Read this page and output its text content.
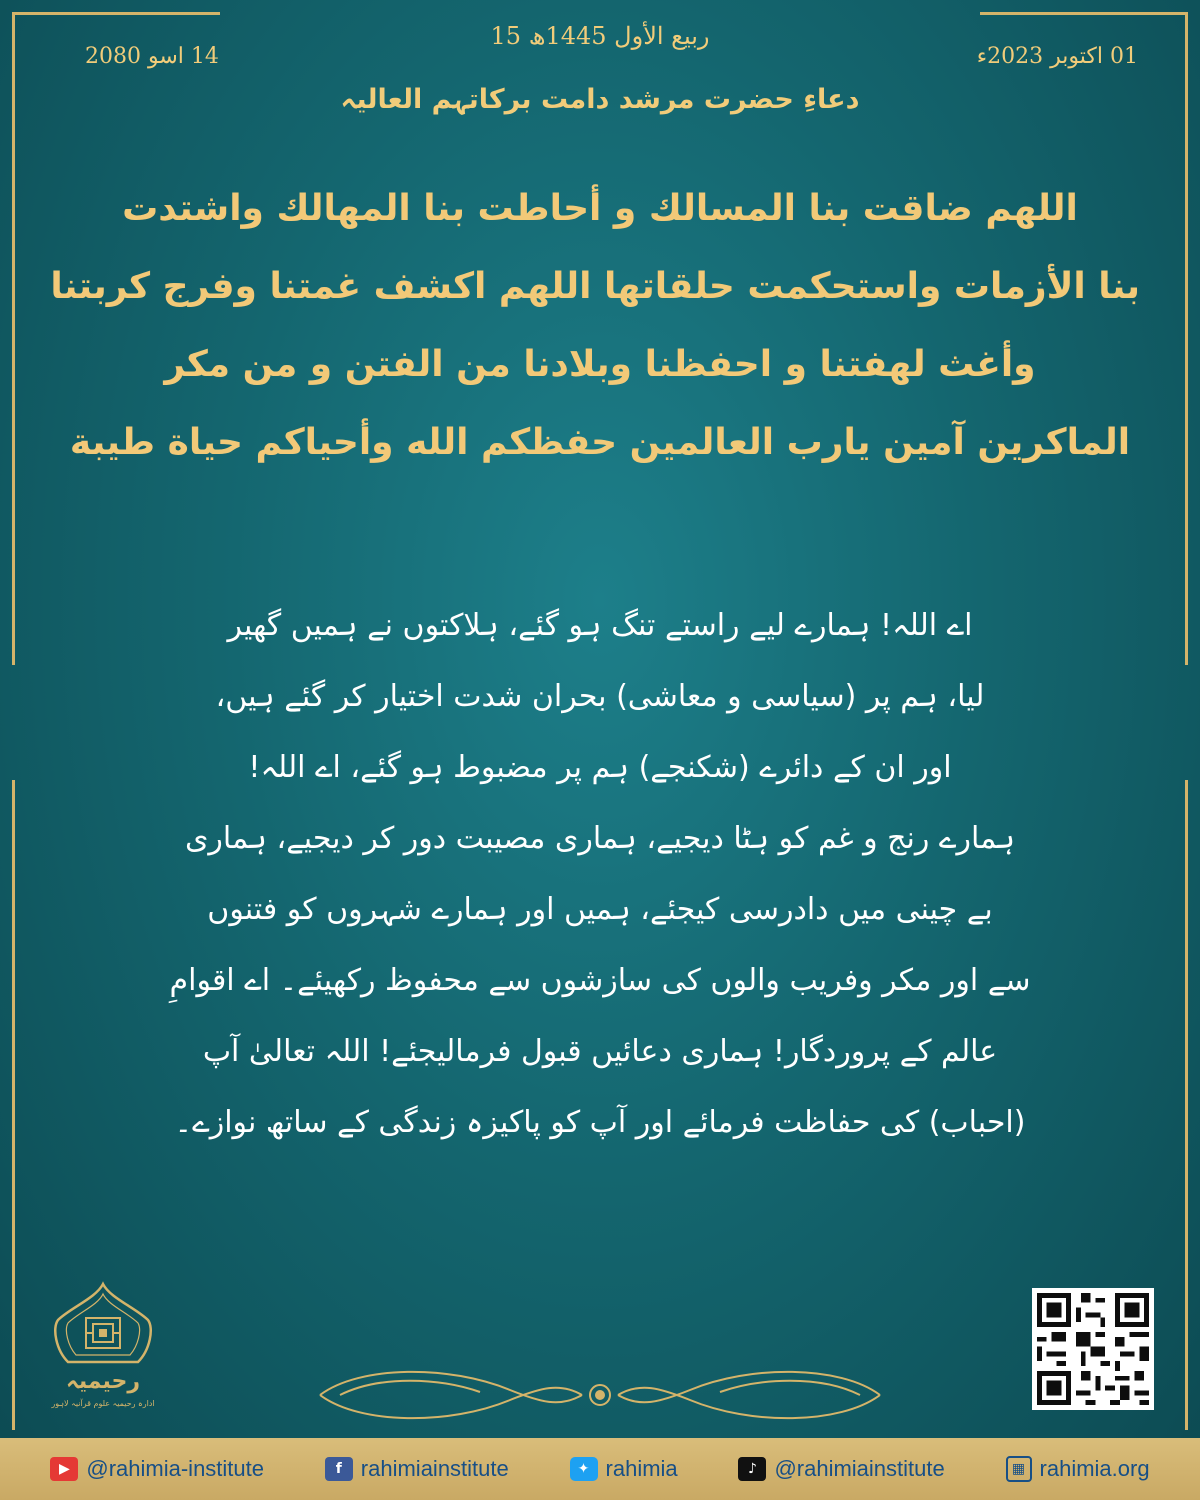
15 ربیع الأول 1445ھ
01 اکتوبر 2023ء
14 اسو 2080
دعاءِ حضرت مرشد دامت برکاتہم العالیہ
اللهم ضاقت بنا المسالك و أحاطت بنا المهالك واشتدت
بنا الأزمات واستحكمت حلقاتها اللهم اكشف غمتنا وفرج كربتنا
وأغث لهفتنا و احفظنا وبلادنا من الفتن و من مكر
الماكرين آمين يارب العالمين حفظكم الله وأحياكم حياة طيبة
اے اللہ! ہمارے لیے راستے تنگ ہو گئے، ہلاکتوں نے ہمیں گھیر
لیا، ہم پر (سیاسی و معاشی) بحران شدت اختیار کر گئے ہیں،
اور ان کے دائرے (شکنجے) ہم پر مضبوط ہو گئے، اے اللہ!
ہمارے رنج و غم کو ہٹا دیجیے، ہماری مصیبت دور کر دیجیے، ہماری
بے چینی میں دادرسی کیجئے، ہمیں اور ہمارے شہروں کو فتنوں
سے اور مکر وفریب والوں کی سازشوں سے محفوظ رکھیئے۔ اے اقوامِ
عالم کے پروردگار! ہماری دعائیں قبول فرمالیجئے! اللہ تعالیٰ آپ
(احباب) کی حفاظت فرمائے اور آپ کو پاکیزہ زندگی کے ساتھ نوازے۔
رحیمیہ
ادارہ رحیمیہ علوم قرآنیہ لاہور
▶ @rahimia-institute	f rahimiainstitute	✦ rahimia	♪ @rahimiainstitute	▦ rahimia.org
